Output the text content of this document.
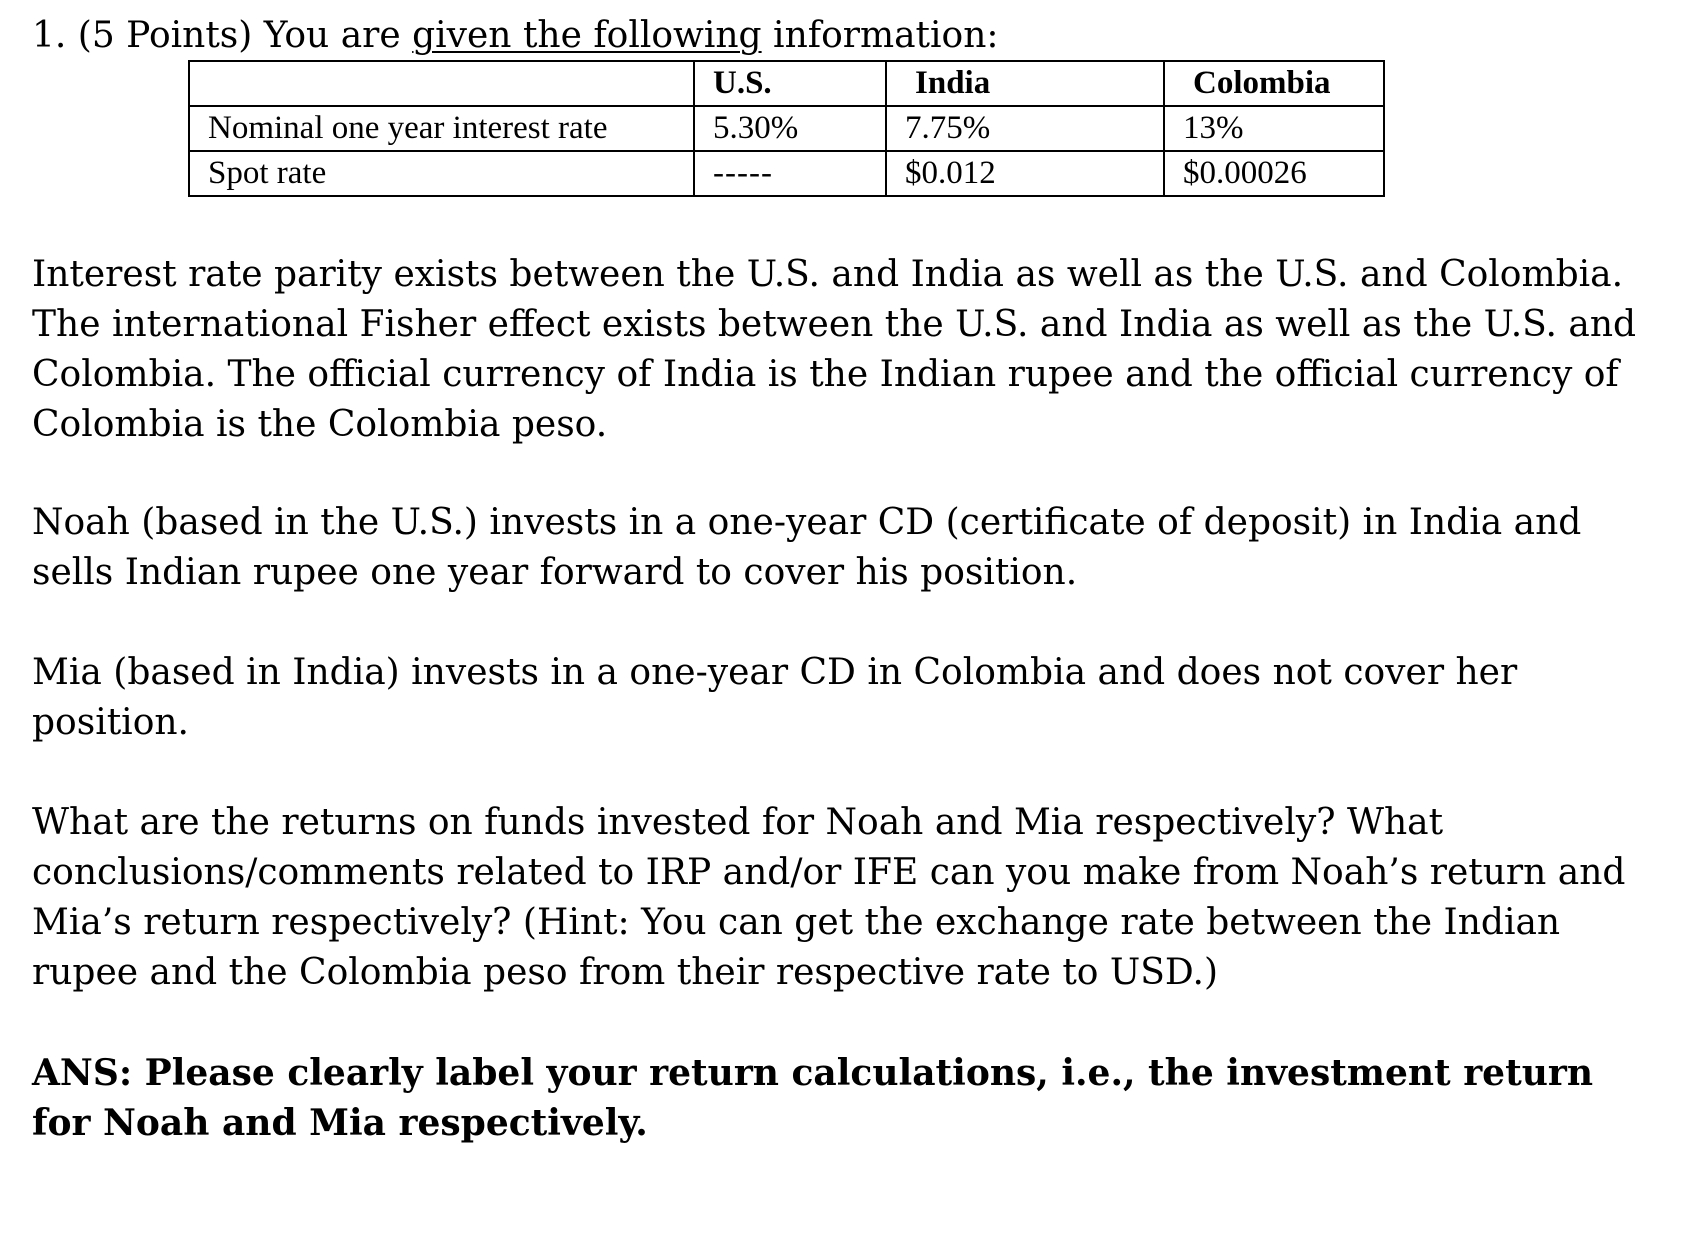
1. (5 Points) You are given the following information:

	U.S.	India	Colombia
Nominal one year interest rate	5.30%	7.75%	13%
Spot rate	-----	$0.012	$0.00026

Interest rate parity exists between the U.S. and India as well as the U.S. and Colombia. The international Fisher effect exists between the U.S. and India as well as the U.S. and Colombia. The official currency of India is the Indian rupee and the official currency of Colombia is the Colombia peso.

Noah (based in the U.S.) invests in a one-year CD (certificate of deposit) in India and sells Indian rupee one year forward to cover his position.

Mia (based in India) invests in a one-year CD in Colombia and does not cover her position.

What are the returns on funds invested for Noah and Mia respectively? What conclusions/comments related to IRP and/or IFE can you make from Noah’s return and Mia’s return respectively? (Hint: You can get the exchange rate between the Indian rupee and the Colombia peso from their respective rate to USD.)

ANS: Please clearly label your return calculations, i.e., the investment return for Noah and Mia respectively.
